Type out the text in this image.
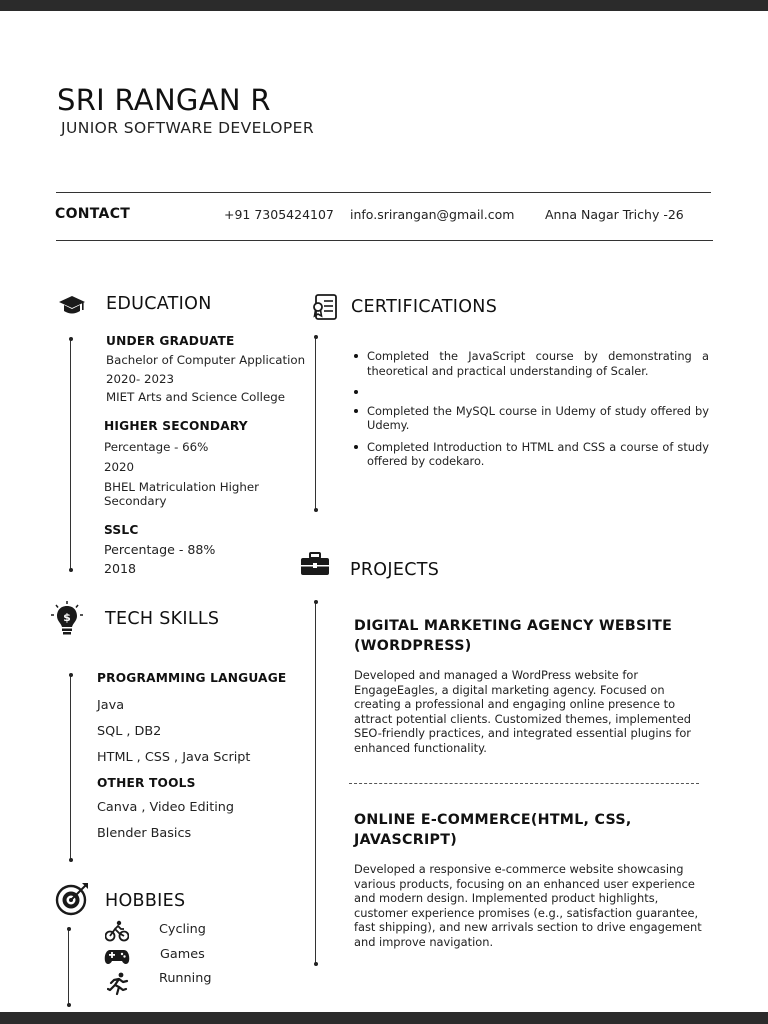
SRI RANGAN R
JUNIOR SOFTWARE DEVELOPER
CONTACT	+91 7305424107 info.srirangan@gmail.com Anna Nagar Trichy -26
EDUCATION
UNDER GRADUATE
Bachelor of Computer Application
2020- 2023
MIET Arts and Science College
HIGHER SECONDARY
Percentage - 66%
2020
BHEL Matriculation Higher
Secondary
SSLC
Percentage - 88%
2018
CERTIFICATIONS
Completed the JavaScript course by demonstrating a theoretical and practical understanding of Scaler.
Completed the MySQL course in Udemy of study offered by Udemy.
Completed Introduction to HTML and CSS a course of study offered by codekaro.
PROJECTS
DIGITAL MARKETING AGENCY WEBSITE (WORDPRESS)
Developed and managed a WordPress website for EngageEagles, a digital marketing agency. Focused on creating a professional and engaging online presence to attract potential clients. Customized themes, implemented SEO-friendly practices, and integrated essential plugins for enhanced functionality.
ONLINE E-COMMERCE(HTML, CSS, JAVASCRIPT)
Developed a responsive e-commerce website showcasing various products, focusing on an enhanced user experience and modern design. Implemented product highlights, customer experience promises (e.g., satisfaction guarantee, fast shipping), and new arrivals section to drive engagement and improve navigation.
$ TECH SKILLS
PROGRAMMING LANGUAGE
Java
SQL , DB2
HTML , CSS , Java Script
OTHER TOOLS
Canva , Video Editing
Blender Basics
HOBBIES
Cycling
Games
Running
